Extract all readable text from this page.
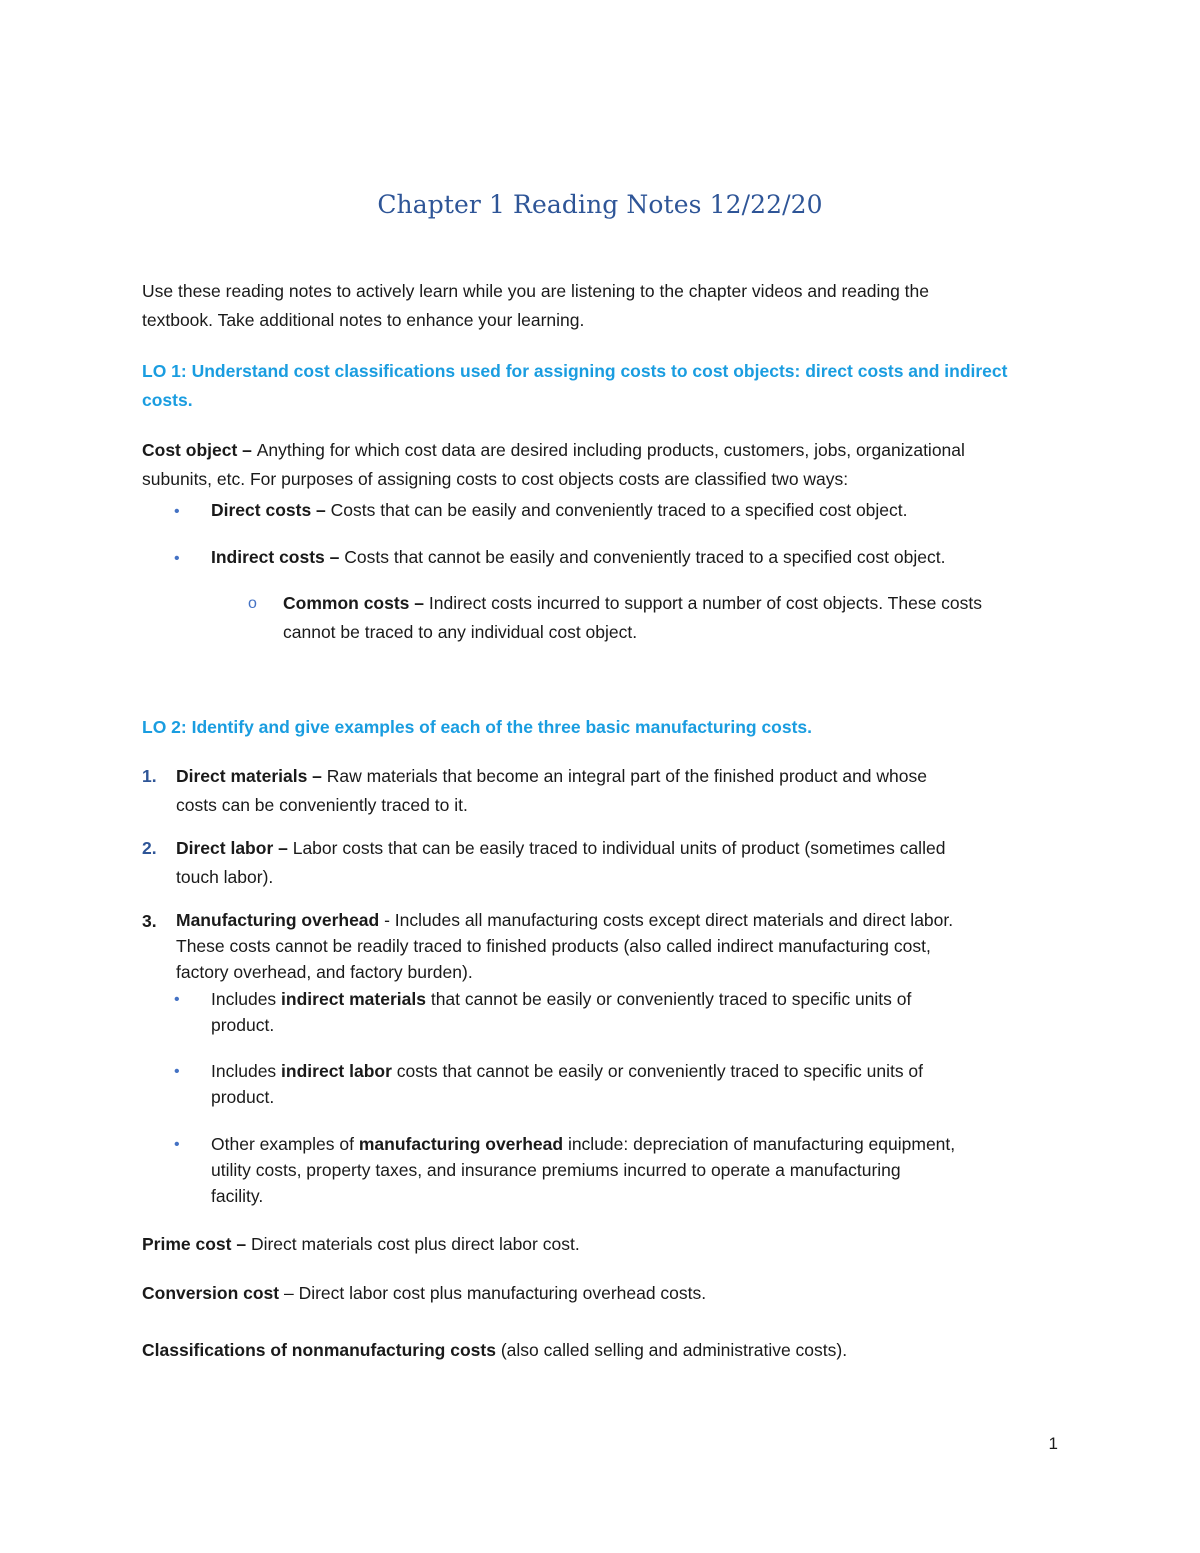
Chapter 1 Reading Notes 12/22/20
Use these reading notes to actively learn while you are listening to the chapter videos and reading the
textbook. Take additional notes to enhance your learning.
LO 1: Understand cost classifications used for assigning costs to cost objects: direct costs and indirect
costs.
Cost object – Anything for which cost data are desired including products, customers, jobs, organizational
subunits, etc. For purposes of assigning costs to cost objects costs are classified two ways:
• Direct costs – Costs that can be easily and conveniently traced to a specified cost object.
• Indirect costs – Costs that cannot be easily and conveniently traced to a specified cost object.
o Common costs – Indirect costs incurred to support a number of cost objects. These costs
cannot be traced to any individual cost object.
LO 2: Identify and give examples of each of the three basic manufacturing costs.
1. Direct materials – Raw materials that become an integral part of the finished product and whose
costs can be conveniently traced to it.
2. Direct labor – Labor costs that can be easily traced to individual units of product (sometimes called
touch labor).
3. Manufacturing overhead - Includes all manufacturing costs except direct materials and direct labor.
These costs cannot be readily traced to finished products (also called indirect manufacturing cost,
factory overhead, and factory burden).
• Includes indirect materials that cannot be easily or conveniently traced to specific units of
product.
• Includes indirect labor costs that cannot be easily or conveniently traced to specific units of
product.
• Other examples of manufacturing overhead include: depreciation of manufacturing equipment,
utility costs, property taxes, and insurance premiums incurred to operate a manufacturing
facility.
Prime cost – Direct materials cost plus direct labor cost.
Conversion cost – Direct labor cost plus manufacturing overhead costs.
Classifications of nonmanufacturing costs (also called selling and administrative costs).
1
